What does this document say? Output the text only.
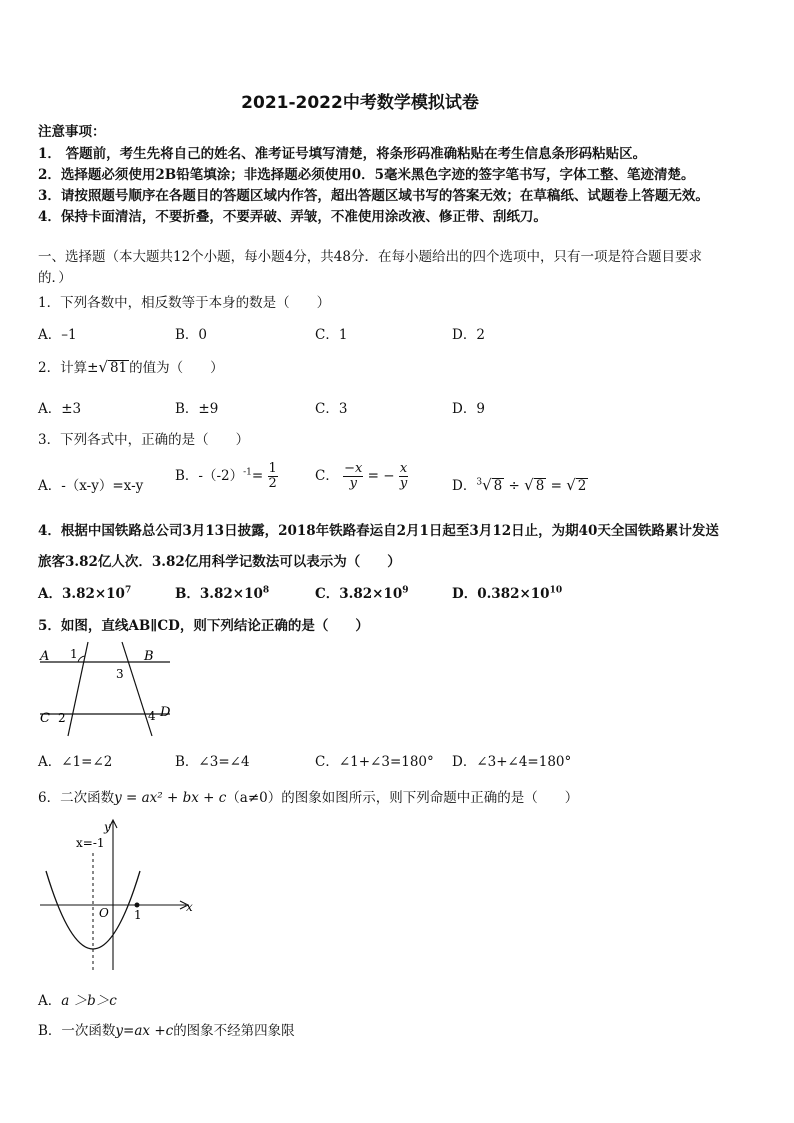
2021-2022中考数学模拟试卷
注意事项：
1． 答题前，考生先将自己的姓名、准考证号填写清楚，将条形码准确粘贴在考生信息条形码粘贴区。
2．选择题必须使用2B铅笔填涂；非选择题必须使用0．5毫米黑色字迹的签字笔书写，字体工整、笔迹清楚。
3．请按照题号顺序在各题目的答题区域内作答，超出答题区域书写的答案无效；在草稿纸、试题卷上答题无效。
4．保持卡面清洁，不要折叠，不要弄破、弄皱，不准使用涂改液、修正带、刮纸刀。
一、选择题（本大题共12个小题，每小题4分，共48分．在每小题给出的四个选项中，只有一项是符合题目要求
的．）
1．下列各数中，相反数等于本身的数是（　　）
A．–1	B．0	C．1	D．2
2．计算±√ 81 的值为（　　）
A．±3	B．±9	C．3	D．9
3．下列各式中，正确的是（　　）
A．-（x-y）=x-y
B．$-(-2)^{-1}= \frac{1}{2}$	C． $\frac{-x}{y}$ = − $\frac{x}{y}$	D．$^3$√ 8 ÷ √ 8 = √ 2
4．根据中国铁路总公司3月13日披露，2018年铁路春运自2月1日起至3月12日止，为期40天全国铁路累计发送
旅客3.82亿人次．3.82亿用科学记数法可以表示为（　　）
A．$3.82\times 10^7$	B．$3.82\times 10^8$	C．$3.82\times 10^9$	D．$0.382\times 10^{10}$
5．如图，直线AB∥CD，则下列结论正确的是（　　）
A	B
C	D
1
2
3
4
A．∠1=∠2	B．∠3=∠4	C．∠1+∠3=180° D．∠3+∠4=180°
6．二次函数y = ax² + bx + c（a≠0）的图象如图所示，则下列命题中正确的是（　　）
x=-1
y
x
O 1
A．a ＞b＞c
B．一次函数y=ax +c的图象不经第四象限
